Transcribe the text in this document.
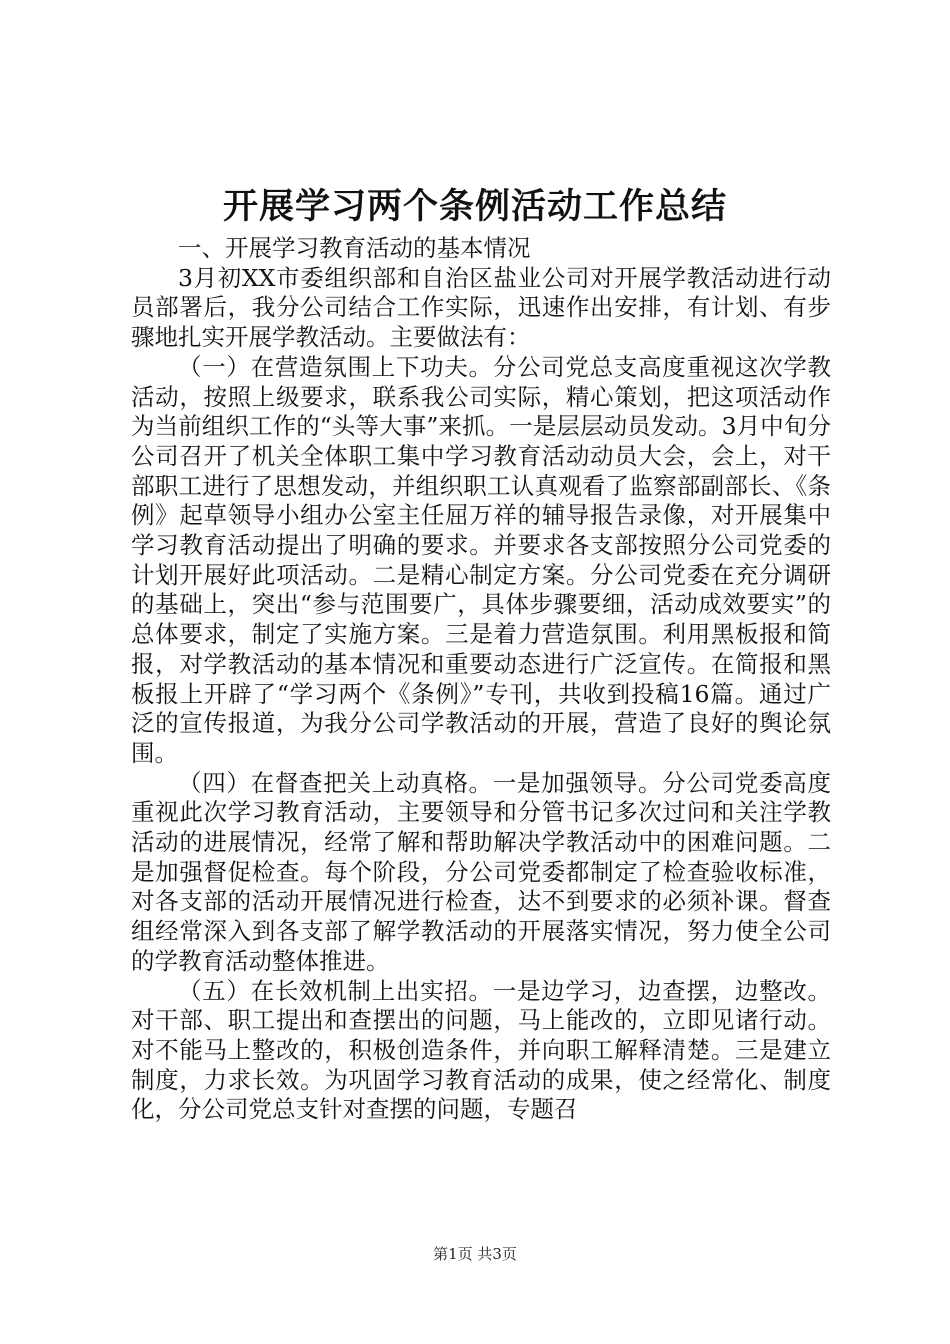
开展学习两个条例活动工作总结

一、开展学习教育活动的基本情况

3月初XX市委组织部和自治区盐业公司对开展学教活动进行动员部署后，我分公司结合工作实际，迅速作出安排，有计划、有步骤地扎实开展学教活动。主要做法有：

（一）在营造氛围上下功夫。分公司党总支高度重视这次学教活动，按照上级要求，联系我公司实际，精心策划，把这项活动作为当前组织工作的“头等大事”来抓。一是层层动员发动。3月中旬分公司召开了机关全体职工集中学习教育活动动员大会，会上，对干部职工进行了思想发动，并组织职工认真观看了监察部副部长、《条例》起草领导小组办公室主任屈万祥的辅导报告录像，对开展集中学习教育活动提出了明确的要求。并要求各支部按照分公司党委的计划开展好此项活动。二是精心制定方案。分公司党委在充分调研的基础上，突出“参与范围要广，具体步骤要细，活动成效要实”的总体要求，制定了实施方案。三是着力营造氛围。利用黑板报和简报，对学教活动的基本情况和重要动态进行广泛宣传。在简报和黑板报上开辟了“学习两个《条例》”专刊，共收到投稿16篇。通过广泛的宣传报道，为我分公司学教活动的开展，营造了良好的舆论氛围。

（四）在督查把关上动真格。一是加强领导。分公司党委高度重视此次学习教育活动，主要领导和分管书记多次过问和关注学教活动的进展情况，经常了解和帮助解决学教活动中的困难问题。二是加强督促检查。每个阶段，分公司党委都制定了检查验收标准，对各支部的活动开展情况进行检查，达不到要求的必须补课。督查组经常深入到各支部了解学教活动的开展落实情况，努力使全公司的学教育活动整体推进。

（五）在长效机制上出实招。一是边学习，边查摆，边整改。对干部、职工提出和查摆出的问题，马上能改的，立即见诸行动。对不能马上整改的，积极创造条件，并向职工解释清楚。三是建立制度，力求长效。为巩固学习教育活动的成果，使之经常化、制度化，分公司党总支针对查摆的问题，专题召

第1页 共3页
